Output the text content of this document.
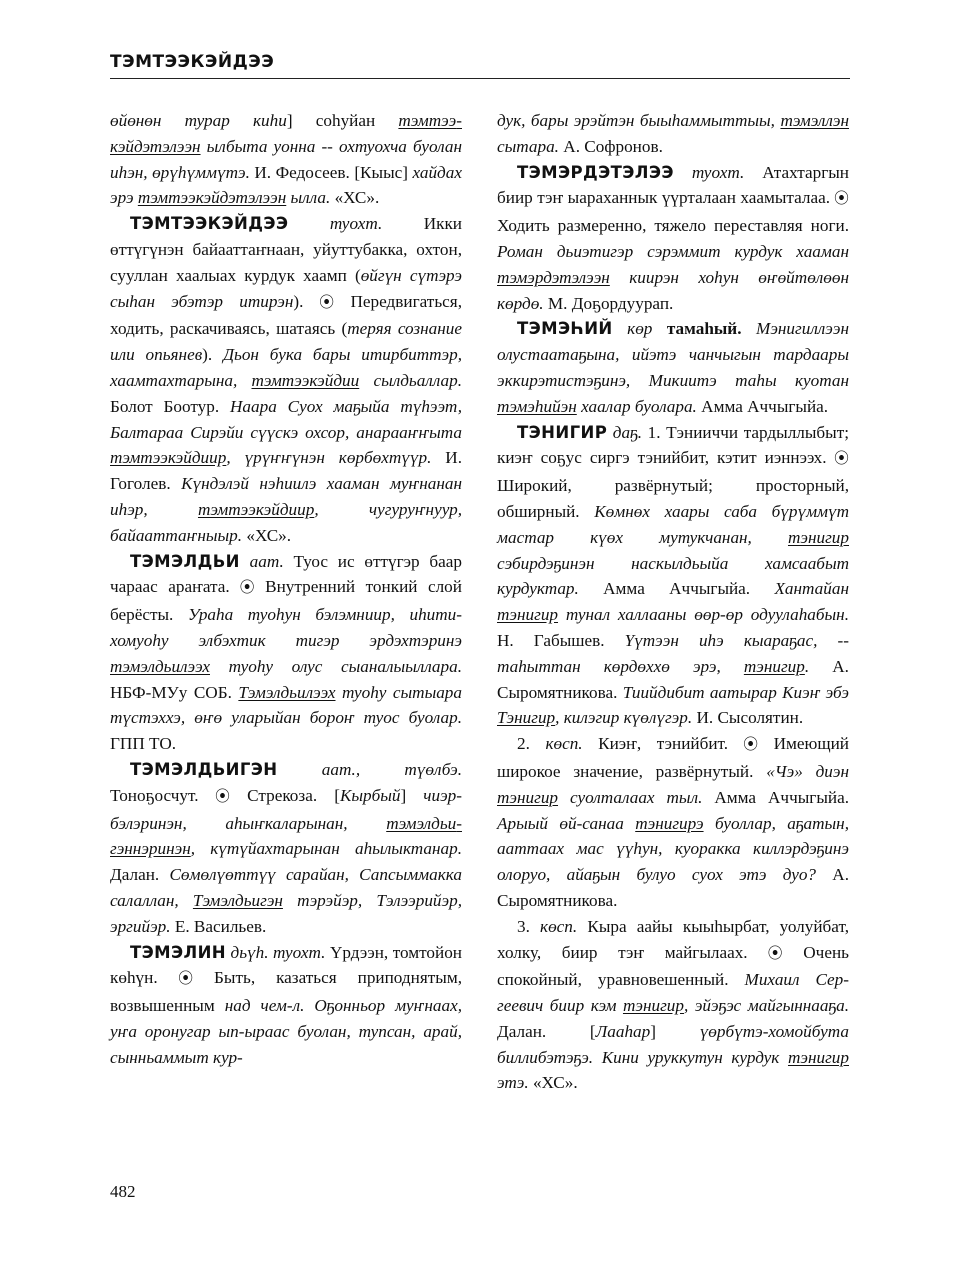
ТЭМТЭЭКЭЙДЭЭ

өйөнөн турар киһи] соһуйан тэмтээкэйдэтэлээн ылбыта уонна -- охтуохча буолан иһэн, өрүһүммүтэ. И. Федосеев. [Кыыс] хайдах эрэ тэмтээкэйдэтэлээн ылла. «ХС».

ТЭМТЭЭКЭЙДЭЭ туохт. Икки өттүгүнэн байааттаҥнаан, уйуттубакка, охтон, сууллан хаалыах курдук хаамп (өйгүн сүтэрэ сыһан эбэтэр итирэн). ⦿ Передвигаться, ходить, раскачиваясь, шатаясь (теряя сознание или опьянев). Дьон бука бары итирбиттэр, хаамтахтарына, тэмтээкэйдии сылдьаллар. Болот Боотур. Наара Суох маҕыйа түһээт, Балтараа Сирэйи сүүскэ охсор, анарааҥҥыта тэмтээкэйдиир, үрүҥҥүнэн көрбөхтүүр. И. Гоголев. Күндэлэй нэһиилэ хааман муҥнанан иһэр, тэмтээкэйдиир, чугуруҥнуур, байааттаҥныыр. «ХС».

ТЭМЭЛДЬИ аат. Туос ис өттүгэр баар чараас араҥата. ⦿ Внутренний тонкий слой берёсты. Ураһа туоһун бэлэмниир, иһити-хомуоһу элбэхтик тигэр эрдэхтэринэ тэмэлдьилээх туоһу олус сыаналыыллара. НБФ-МУу СОБ. Тэмэлдьилээх туоһу сытыара түстэххэ, өҥө уларыйан бороҥ туос буолар. ГПП ТО.

ТЭМЭЛДЬИГЭН аат., түөлбэ. Тоноҕосчут. ⦿ Стрекоза. [Кырбый] чиэрбэлэринэн, аһыҥкаларынан, тэмэлдьигэннэринэн, күтүйахтарынан аһылыктанар. Далан. Сөмөлүөттүү сарайан, Сапсыммакка салаллан, Тэмэлдьигэн тэрэйэр, Тэлээрийэр, эргийэр. Е. Васильев.

ТЭМЭЛИН дьүһ. туохт. Үрдээн, томтойон көһүн. ⦿ Быть, казаться приподнятым, возвышенным над чем-л. Оҕонньор муҥнаах, уҥа оронугар ып-ыраас буолан, тупсан, арай, сынньаммыт кур-

дук, бары эрэйтэн быыһаммыттыы, тэмэллэн сытара. А. Софронов.

ТЭМЭРДЭТЭЛЭЭ туохт. Атахтаргын биир тэҥ ыараханнык үүрталаан хаамыталаа. ⦿ Ходить размеренно, тяжело переставляя ноги. Роман дьиэтигэр сэрэммит курдук хааман тэмэрдэтэлээн киирэн хоһун өҥөйтөлөөн көрдө. М. Доҕордуурап.

ТЭМЭҺИЙ көр тамаһый. Мэнигиллээн олустаатаҕына, ийэтэ чанчыгын тардаары эккирэтистэҕинэ, Микиитэ таһы куотан тэмэһийэн хаалар буолара. Амма Аччыгыйа.

ТЭНИГИР даҕ. 1. Тэнииччи тардыллыбыт; киэҥ соҕус сиргэ тэнийбит, кэтит иэннээх. ⦿ Широкий, развёрнутый; просторный, обширный. Көмнөх хаары саба бүрүммүт мастар күөх мутукчанан, тэнигир сэбирдэҕинэн наскылдьыйа хамсаабыт курдуктар. Амма Аччыгыйа. Хантайан тэнигир тунал халлааны өөр-өр одуулаһабын. Н. Габышев. Үүтээн иһэ кыараҕас, -- таһыттан көрдөххө эрэ, тэнигир. А. Сыромятникова. Тиийдибит аатырар Киэҥ эбэ Тэнигир, килэгир күөлүгэр. И. Сысолятин.

2. көсп. Киэҥ, тэнийбит. ⦿ Имеющий широкое значение, развёрнутый. «Чэ» диэн тэнигир суолталаах тыл. Амма Аччыгыйа. Арыый өй-санаа тэнигирэ буоллар, аҕатын, ааттаах мас үүһун, куоракка киллэрдэҕинэ олоруо, айаҕын булуо суох этэ дуо? А. Сыромятникова.

3. көсп. Кыра аайы кыыһырбат, уолуйбат, холку, биир тэҥ майгылаах. ⦿ Очень спокойный, уравновешенный. Михаил Сергеевич биир кэм тэнигир, эйэҕэс майгыннааҕа. Далан. [Лааһар] үөрбүтэ-хомойбута биллибэтэҕэ. Кини уруккутун курдук тэнигир этэ. «ХС».

482
